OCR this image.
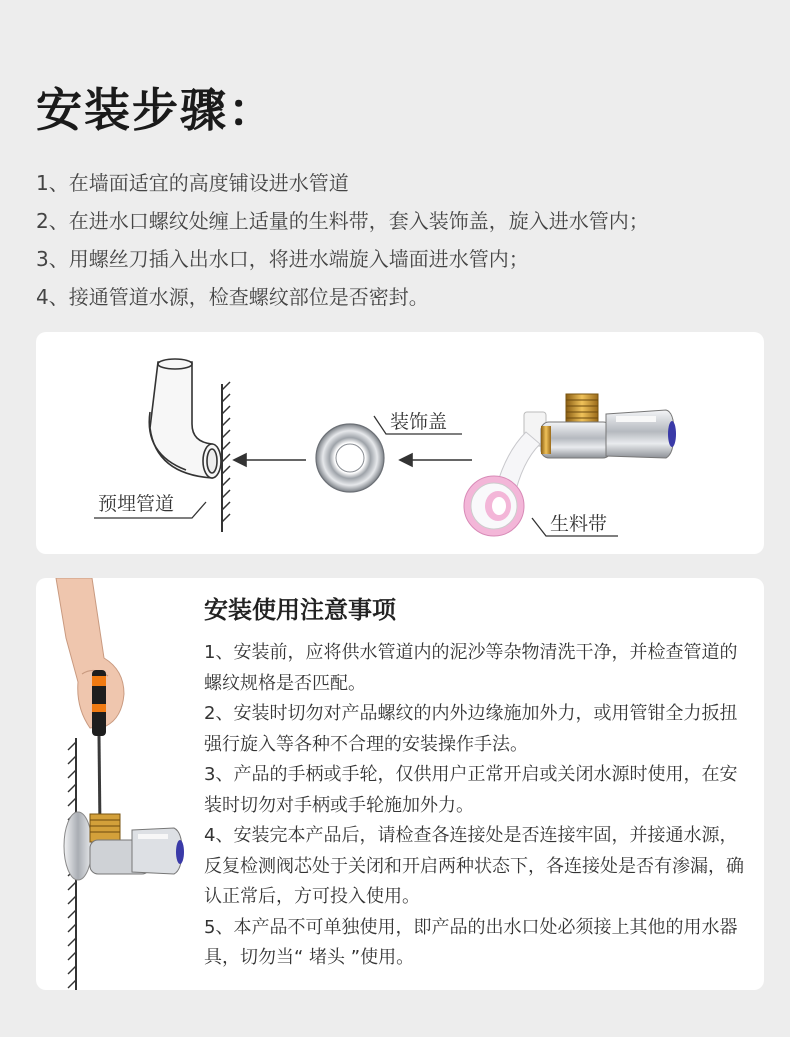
安装步骤：
1、在墙面适宜的高度铺设进水管道
2、在进水口螺纹处缠上适量的生料带，套入装饰盖，旋入进水管内；
3、用螺丝刀插入出水口，将进水端旋入墙面进水管内；
4、接通管道水源，检查螺纹部位是否密封。
预埋管道
装饰盖
生料带
安装使用注意事项
1、安装前，应将供水管道内的泥沙等杂物清洗干净，并检查管道的螺纹规格是否匹配。
2、安装时切勿对产品螺纹的内外边缘施加外力，或用管钳全力扳扭强行旋入等各种不合理的安装操作手法。
3、产品的手柄或手轮，仅供用户正常开启或关闭水源时使用，在安装时切勿对手柄或手轮施加外力。
4、安装完本产品后，请检查各连接处是否连接牢固，并接通水源，反复检测阀芯处于关闭和开启两种状态下，各连接处是否有渗漏，确认正常后，方可投入使用。
5、本产品不可单独使用，即产品的出水口处必须接上其他的用水器具，切勿当“ 堵头 ”使用。
